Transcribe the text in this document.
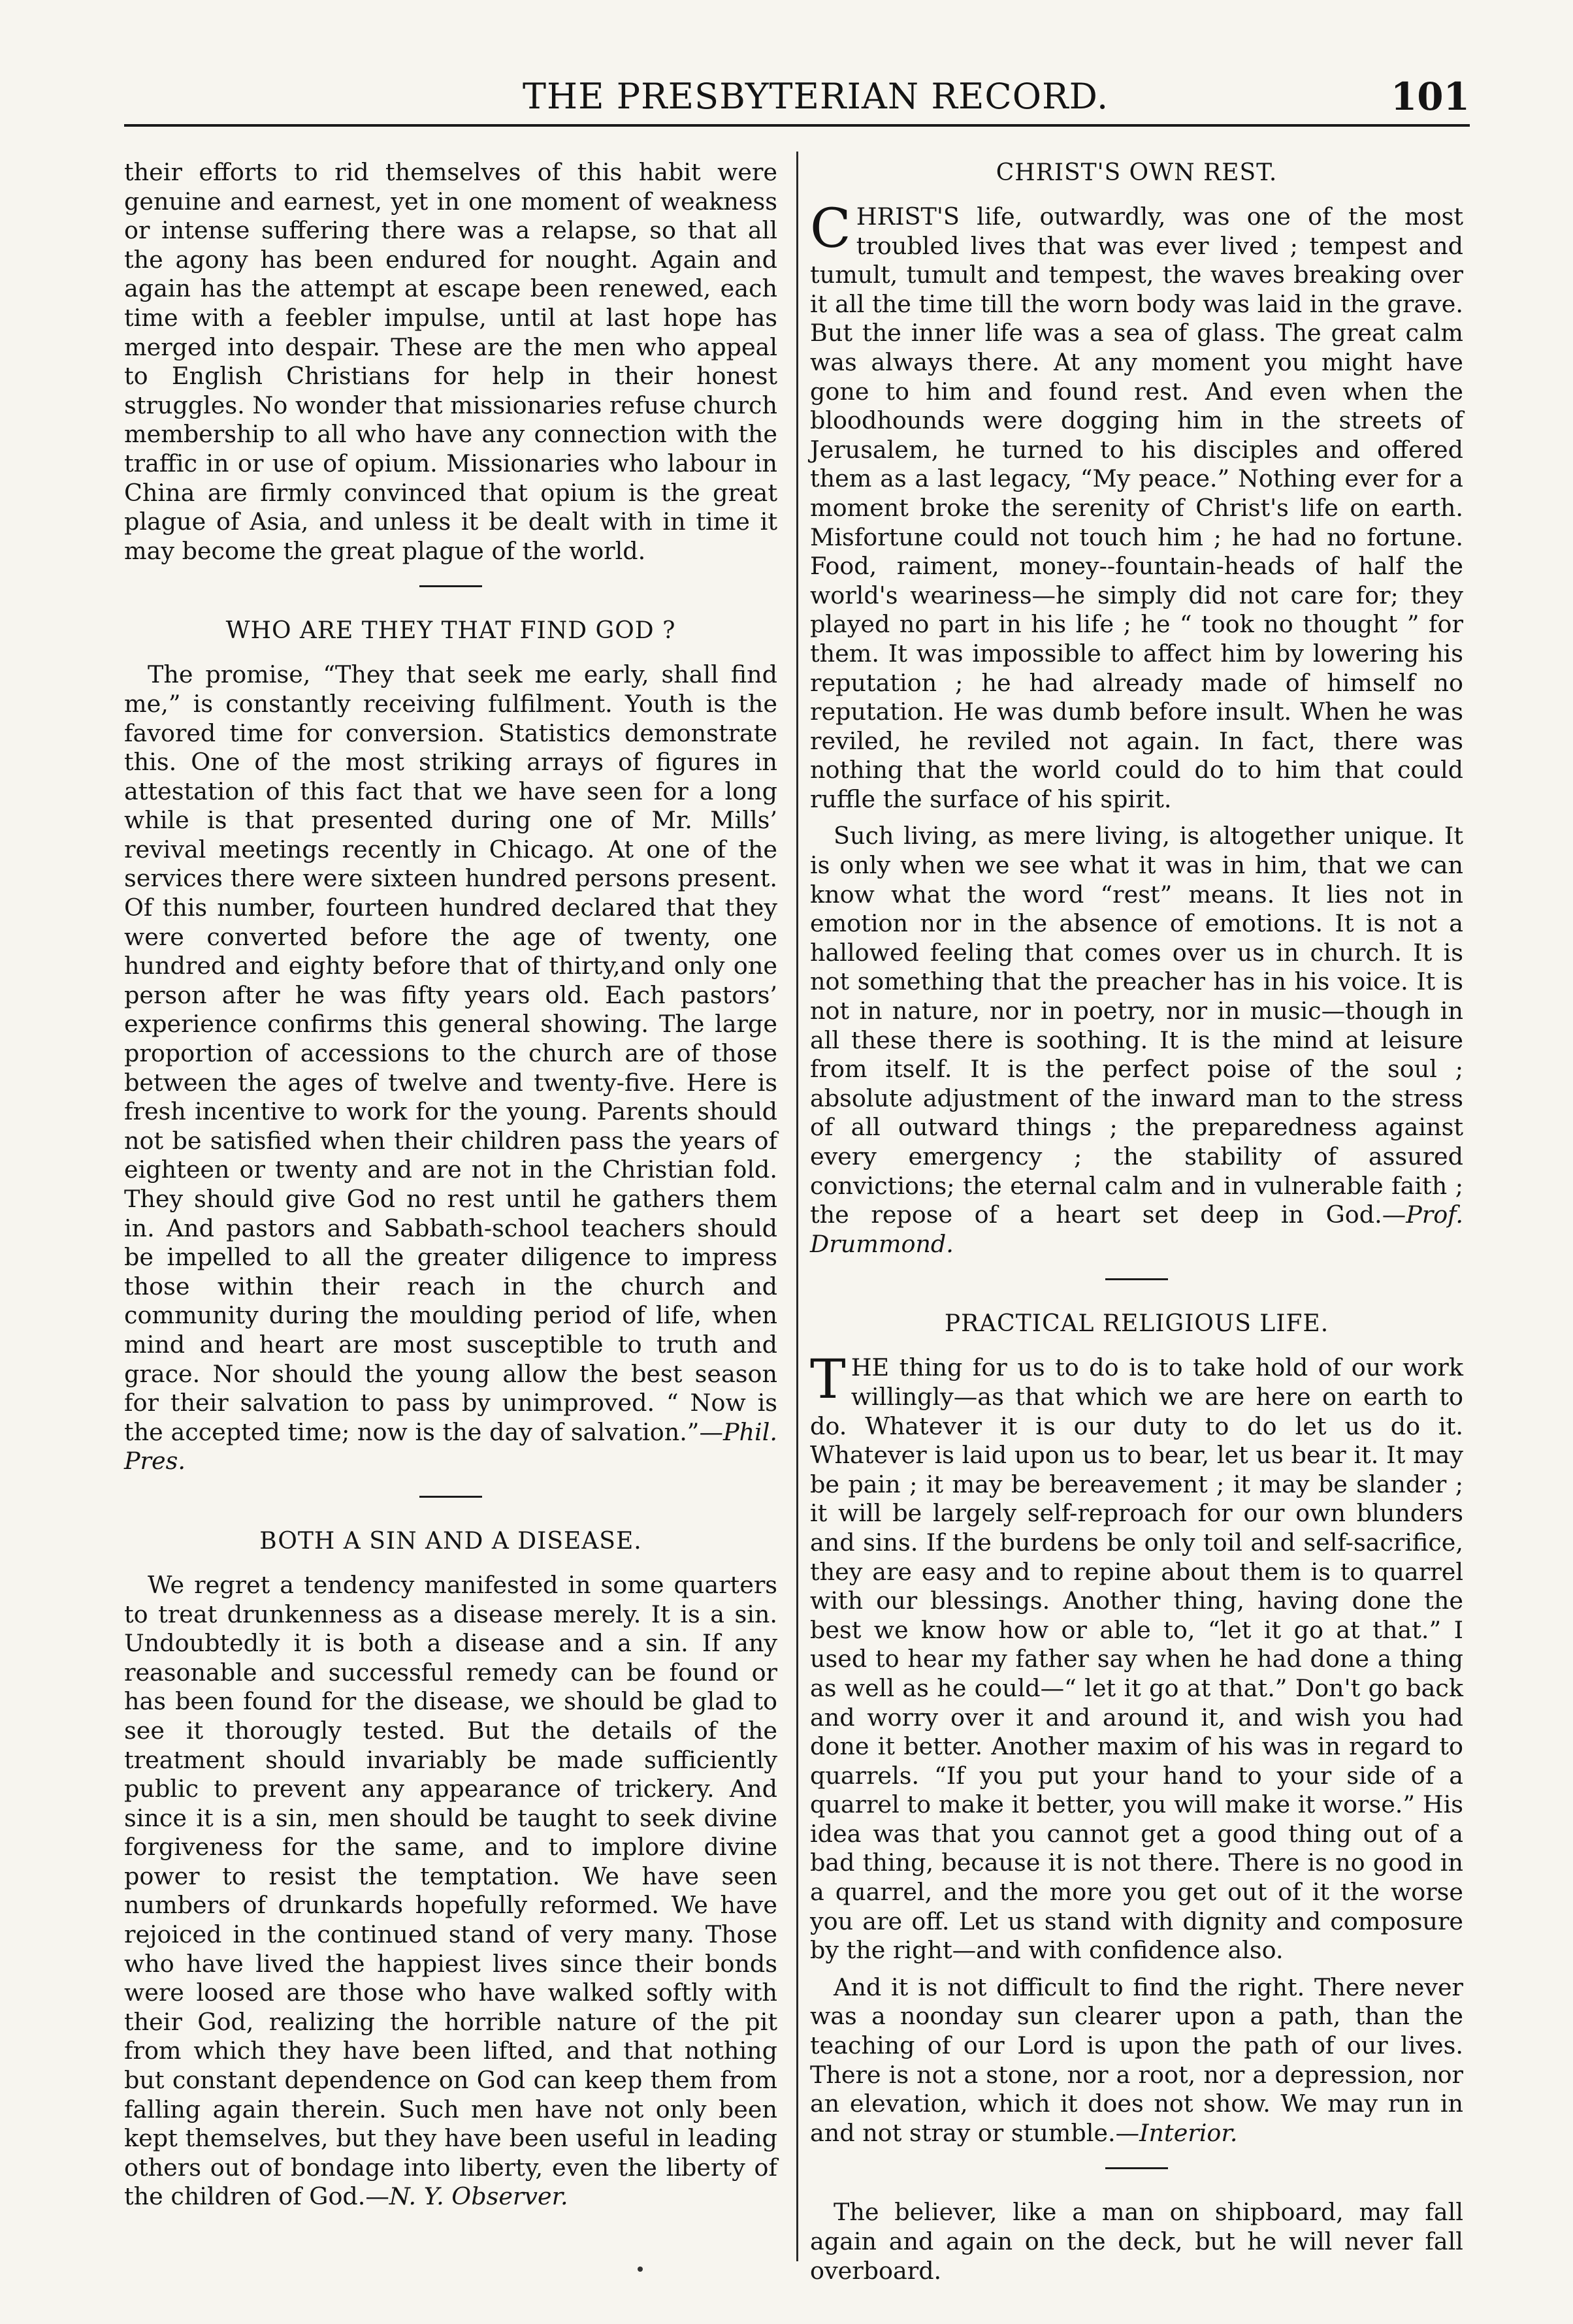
THE PRESBYTERIAN RECORD.	101

their efforts to rid themselves of this habit were genuine and earnest, yet in one moment of weakness or intense suffering there was a relapse, so that all the agony has been endured for nought. Again and again has the attempt at escape been renewed, each time with a feebler impulse, until at last hope has merged into despair. These are the men who appeal to English Christians for help in their honest struggles. No wonder that missionaries refuse church membership to all who have any connection with the traffic in or use of opium. Missionaries who labour in China are firmly convinced that opium is the great plague of Asia, and unless it be dealt with in time it may become the great plague of the world.

WHO ARE THEY THAT FIND GOD ?

The promise, “They that seek me early, shall find me,” is constantly receiving fulfilment. Youth is the favored time for conversion. Statistics demonstrate this. One of the most striking arrays of figures in attestation of this fact that we have seen for a long while is that presented during one of Mr. Mills’ revival meetings recently in Chicago. At one of the services there were sixteen hundred persons present. Of this number, fourteen hundred declared that they were converted before the age of twenty, one hundred and eighty before that of thirty,and only one person after he was fifty years old. Each pastors’ experience confirms this general showing. The large proportion of accessions to the church are of those between the ages of twelve and twenty-five. Here is fresh incentive to work for the young. Parents should not be satisfied when their children pass the years of eighteen or twenty and are not in the Christian fold. They should give God no rest until he gathers them in. And pastors and Sabbath-school teachers should be impelled to all the greater diligence to impress those within their reach in the church and community during the moulding period of life, when mind and heart are most susceptible to truth and grace. Nor should the young allow the best season for their salvation to pass by unimproved. “ Now is the accepted time; now is the day of salvation.”—Phil. Pres.

BOTH A SIN AND A DISEASE.

We regret a tendency manifested in some quarters to treat drunkenness as a disease merely. It is a sin. Undoubtedly it is both a disease and a sin. If any reasonable and successful remedy can be found or has been found for the disease, we should be glad to see it thorougly tested. But the details of the treatment should invariably be made sufficiently public to prevent any appearance of trickery. And since it is a sin, men should be taught to seek divine forgiveness for the same, and to implore divine power to resist the temptation. We have seen numbers of drunkards hopefully reformed. We have rejoiced in the continued stand of very many. Those who have lived the happiest lives since their bonds were loosed are those who have walked softly with their God, realizing the horrible nature of the pit from which they have been lifted, and that nothing but constant dependence on God can keep them from falling again therein. Such men have not only been kept themselves, but they have been useful in leading others out of bondage into liberty, even the liberty of the children of God.—N. Y. Observer.

CHRIST'S OWN REST.

CHRIST'S life, outwardly, was one of the most troubled lives that was ever lived ; tempest and tumult, tumult and tempest, the waves breaking over it all the time till the worn body was laid in the grave. But the inner life was a sea of glass. The great calm was always there. At any moment you might have gone to him and found rest. And even when the bloodhounds were dogging him in the streets of Jerusalem, he turned to his disciples and offered them as a last legacy, “My peace.” Nothing ever for a moment broke the serenity of Christ's life on earth. Misfortune could not touch him ; he had no fortune. Food, raiment, money--fountain-heads of half the world's weariness—he simply did not care for; they played no part in his life ; he “ took no thought ” for them. It was impossible to affect him by lowering his reputation ; he had already made of himself no reputation. He was dumb before insult. When he was reviled, he reviled not again. In fact, there was nothing that the world could do to him that could ruffle the surface of his spirit.

Such living, as mere living, is altogether unique. It is only when we see what it was in him, that we can know what the word “rest” means. It lies not in emotion nor in the absence of emotions. It is not a hallowed feeling that comes over us in church. It is not something that the preacher has in his voice. It is not in nature, nor in poetry, nor in music—though in all these there is soothing. It is the mind at leisure from itself. It is the perfect poise of the soul ; absolute adjustment of the inward man to the stress of all outward things ; the preparedness against every emergency ; the stability of assured convictions; the eternal calm and in vulnerable faith ; the repose of a heart set deep in God.—Prof. Drummond.

PRACTICAL RELIGIOUS LIFE.

THE thing for us to do is to take hold of our work willingly—as that which we are here on earth to do. Whatever it is our duty to do let us do it. Whatever is laid upon us to bear, let us bear it. It may be pain ; it may be bereavement ; it may be slander ; it will be largely self-reproach for our own blunders and sins. If the burdens be only toil and self-sacrifice, they are easy and to repine about them is to quarrel with our blessings. Another thing, having done the best we know how or able to, “let it go at that.” I used to hear my father say when he had done a thing as well as he could—“ let it go at that.” Don't go back and worry over it and around it, and wish you had done it better. Another maxim of his was in regard to quarrels. “If you put your hand to your side of a quarrel to make it better, you will make it worse.” His idea was that you cannot get a good thing out of a bad thing, because it is not there. There is no good in a quarrel, and the more you get out of it the worse you are off. Let us stand with dignity and composure by the right—and with confidence also.

And it is not difficult to find the right. There never was a noonday sun clearer upon a path, than the teaching of our Lord is upon the path of our lives. There is not a stone, nor a root, nor a depression, nor an elevation, which it does not show. We may run in and not stray or stumble.—Interior.

The believer, like a man on shipboard, may fall again and again on the deck, but he will never fall overboard.
